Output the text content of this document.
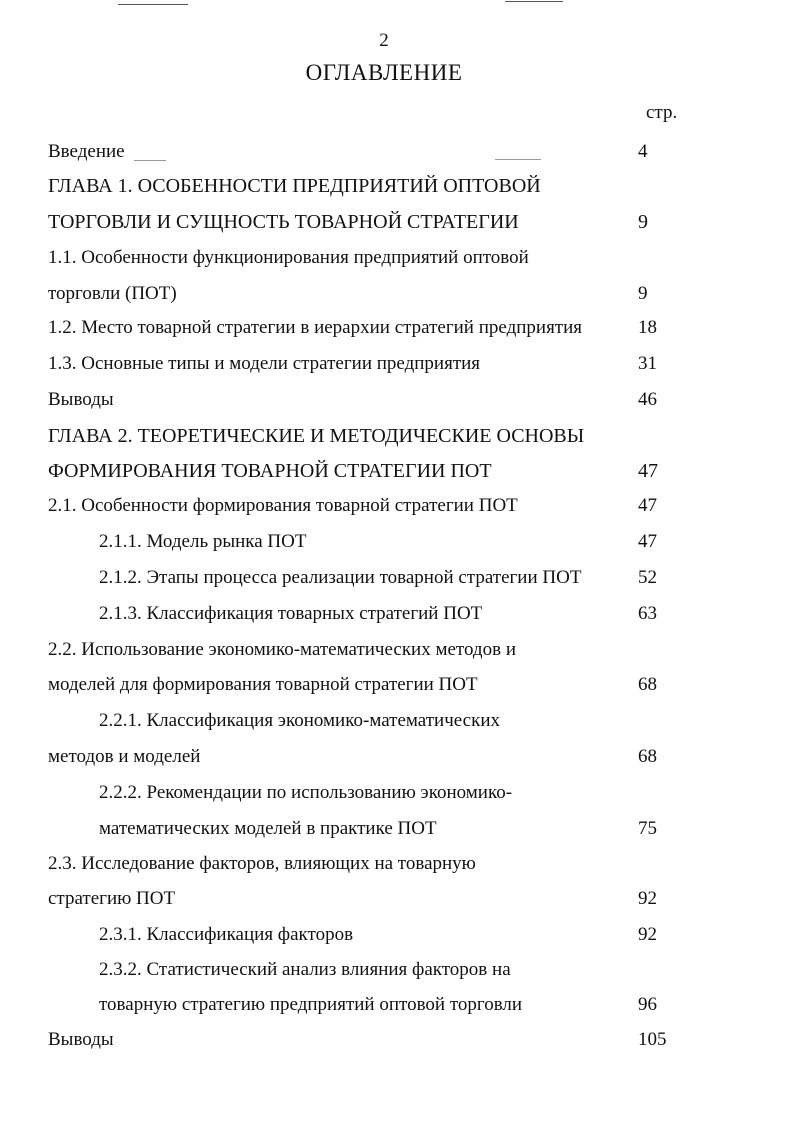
2
ОГЛАВЛЕНИЕ
стр.
Введение	4
ГЛАВА 1. ОСОБЕННОСТИ ПРЕДПРИЯТИЙ ОПТОВОЙ
ТОРГОВЛИ И СУЩНОСТЬ ТОВАРНОЙ СТРАТЕГИИ	9
1.1. Особенности функционирования предприятий оптовой
торговли (ПОТ)	9
1.2. Место товарной стратегии в иерархии стратегий предприятия	18
1.3. Основные типы и модели стратегии предприятия	31
Выводы	46
ГЛАВА 2. ТЕОРЕТИЧЕСКИЕ И МЕТОДИЧЕСКИЕ ОСНОВЫ
ФОРМИРОВАНИЯ ТОВАРНОЙ СТРАТЕГИИ ПОТ	47
2.1. Особенности формирования товарной стратегии ПОТ	47
2.1.1. Модель рынка ПОТ	47
2.1.2. Этапы процесса реализации товарной стратегии ПОТ	52
2.1.3. Классификация товарных стратегий ПОТ	63
2.2. Использование экономико-математических методов и
моделей для формирования товарной стратегии ПОТ	68
2.2.1. Классификация экономико-математических
методов и моделей	68
2.2.2. Рекомендации по использованию экономико-
математических моделей в практике ПОТ	75
2.3. Исследование факторов, влияющих на товарную
стратегию ПОТ	92
2.3.1. Классификация факторов	92
2.3.2. Статистический анализ влияния факторов на
товарную стратегию предприятий оптовой торговли	96
Выводы	105
